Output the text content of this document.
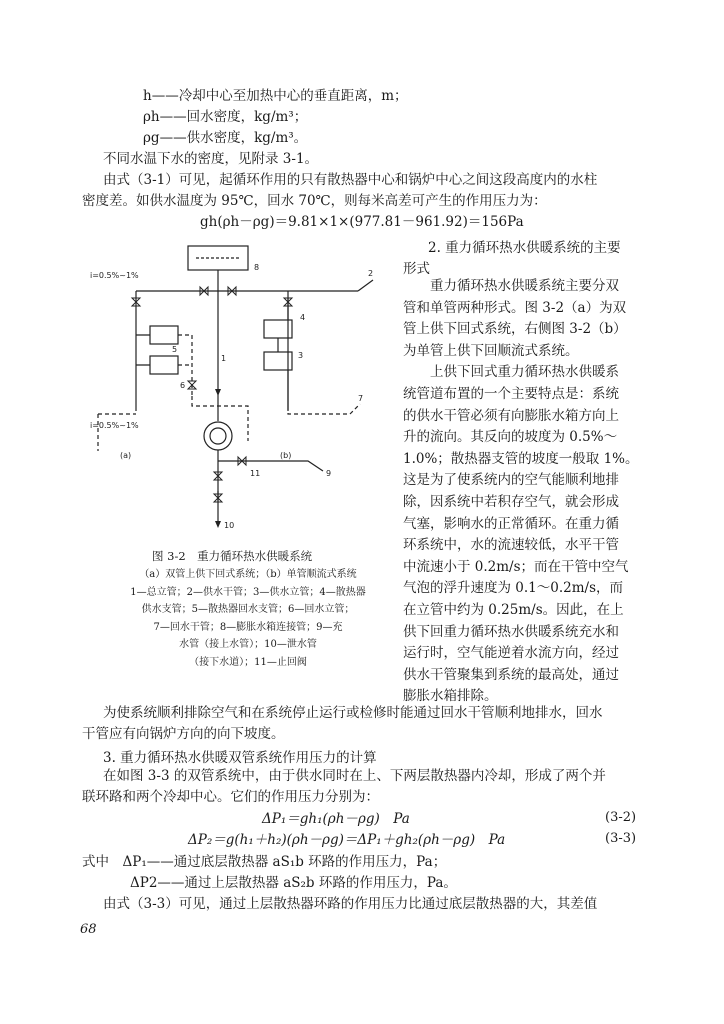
h——冷却中心至加热中心的垂直距离，m；
ρh——回水密度，kg/m³；
ρg——供水密度，kg/m³。
不同水温下水的密度，见附录 3-1。
由式（3-1）可见，起循环作用的只有散热器中心和锅炉中心之间这段高度内的水柱
密度差。如供水温度为 95℃，回水 70℃，则每米高差可产生的作用压力为：
gh(ρh－ρg)＝9.81×1×(977.81－961.92)＝156Pa
2. 重力循环热水供暖系统的主要
形式
重力循环热水供暖系统主要分双
管和单管两种形式。图 3-2（a）为双
管上供下回式系统，右侧图 3-2（b）
为单管上供下回顺流式系统。
上供下回式重力循环热水供暖系
统管道布置的一个主要特点是：系统
的供水干管必须有向膨胀水箱方向上
升的流向。其反向的坡度为 0.5%～
1.0%；散热器支管的坡度一般取 1%。
这是为了使系统内的空气能顺利地排
除，因系统中若积存空气，就会形成
气塞，影响水的正常循环。在重力循
环系统中，水的流速较低，水平干管
中流速小于 0.2m/s；而在干管中空气
气泡的浮升速度为 0.1～0.2m/s，而
在立管中约为 0.25m/s。因此，在上
供下回重力循环热水供暖系统充水和
运行时，空气能逆着水流方向，经过
供水干管聚集到系统的最高处，通过
膨胀水箱排除。
i=0.5%~1%
i=0.5%~1%
(a)	(b)
1
2
3
4
5
6
7
8
9
10
11
图 3-2　重力循环热水供暖系统
（a）双管上供下回式系统；（b）单管顺流式系统
1—总立管；2—供水干管；3—供水立管；4—散热器
供水支管；5—散热器回水支管；6—回水立管；
7—回水干管；8—膨胀水箱连接管；9—充
水管（接上水管）；10—泄水管
（接下水道）；11—止回阀
为使系统顺利排除空气和在系统停止运行或检修时能通过回水干管顺利地排水，回水
干管应有向锅炉方向的向下坡度。
3. 重力循环热水供暖双管系统作用压力的计算
在如图 3-3 的双管系统中，由于供水同时在上、下两层散热器内冷却，形成了两个并
联环路和两个冷却中心。它们的作用压力分别为：
ΔP₁＝gh₁(ρh－ρg)　Pa	(3-2)
ΔP₂＝g(h₁＋h₂)(ρh－ρg)＝ΔP₁＋gh₂(ρh－ρg)　Pa	(3-3)
式中　ΔP₁——通过底层散热器 aS₁b 环路的作用压力，Pa；
ΔP2——通过上层散热器 aS₂b 环路的作用压力，Pa。
由式（3-3）可见，通过上层散热器环路的作用压力比通过底层散热器的大，其差值
68
